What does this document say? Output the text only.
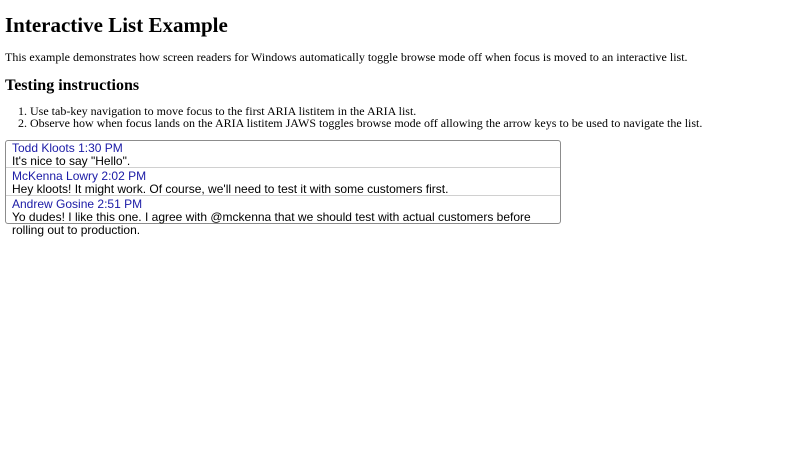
Interactive List Example

This example demonstrates how screen readers for Windows automatically toggle browse mode off when focus is moved to an interactive list.

Testing instructions
1. Use tab-key navigation to move focus to the first ARIA listitem in the ARIA list.
2. Observe how when focus lands on the ARIA listitem JAWS toggles browse mode off allowing the arrow keys to be used to navigate the list.
Todd Kloots 1:30 PM
It's nice to say "Hello".
McKenna Lowry 2:02 PM
Hey kloots! It might work. Of course, we'll need to test it with some customers first.
Andrew Gosine 2:51 PM
Yo dudes! I like this one. I agree with @mckenna that we should test with actual customers before rolling out to production.
